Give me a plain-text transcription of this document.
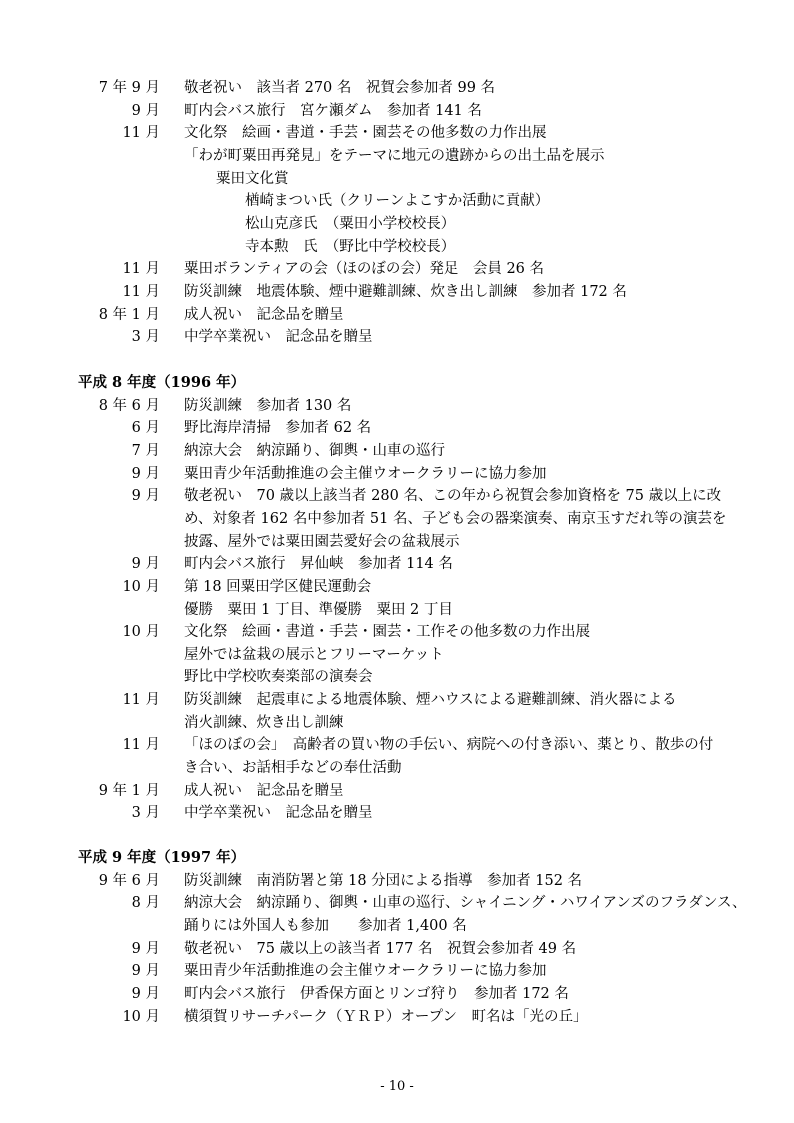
7 年 9 月 敬老祝い　該当者 270 名　祝賀会参加者 99 名
9 月 町内会バス旅行　宮ケ瀬ダム　参加者 141 名
11 月 文化祭　絵画・書道・手芸・園芸その他多数の力作出展
「わが町粟田再発見」をテーマに地元の遺跡からの出土品を展示
粟田文化賞
楢崎まつい氏（クリーンよこすか活動に貢献）
松山克彦氏　（粟田小学校校長）
寺本勲　氏　（野比中学校校長）
11 月 粟田ボランティアの会（ほのぼの会）発足　会員 26 名
11 月 防災訓練　地震体験、煙中避難訓練、炊き出し訓練　参加者 172 名
8 年 1 月 成人祝い　記念品を贈呈
3 月 中学卒業祝い　記念品を贈呈
平成 8 年度（1996 年）
8 年 6 月 防災訓練　参加者 130 名
6 月 野比海岸清掃　参加者 62 名
7 月 納涼大会　納涼踊り、御輿・山車の巡行
9 月 粟田青少年活動推進の会主催ウオークラリーに協力参加
9 月 敬老祝い　70 歳以上該当者 280 名、この年から祝賀会参加資格を 75 歳以上に改
め、対象者 162 名中参加者 51 名、子ども会の器楽演奏、南京玉すだれ等の演芸を
披露、屋外では粟田園芸愛好会の盆栽展示
9 月 町内会バス旅行　昇仙峡　参加者 114 名
10 月 第 18 回粟田学区健民運動会
優勝　粟田 1 丁目、準優勝　粟田 2 丁目
10 月 文化祭　絵画・書道・手芸・園芸・工作その他多数の力作出展
屋外では盆栽の展示とフリーマーケット
野比中学校吹奏楽部の演奏会
11 月 防災訓練　起震車による地震体験、煙ハウスによる避難訓練、消火器による
消火訓練、炊き出し訓練
11 月 「ほのぼの会」　高齢者の買い物の手伝い、病院への付き添い、薬とり、散歩の付
き合い、お話相手などの奉仕活動
9 年 1 月 成人祝い　記念品を贈呈
3 月 中学卒業祝い　記念品を贈呈
平成 9 年度（1997 年）
9 年 6 月 防災訓練　南消防署と第 18 分団による指導　参加者 152 名
8 月 納涼大会　納涼踊り、御輿・山車の巡行、シャイニング・ハワイアンズのフラダンス、
踊りには外国人も参加　　参加者 1,400 名
9 月 敬老祝い　75 歳以上の該当者 177 名　祝賀会参加者 49 名
9 月 粟田青少年活動推進の会主催ウオークラリーに協力参加
9 月 町内会バス旅行　伊香保方面とリンゴ狩り　参加者 172 名
10 月 横須賀リサーチパーク（ＹＲＰ）オープン　町名は「光の丘」
- 10 -
